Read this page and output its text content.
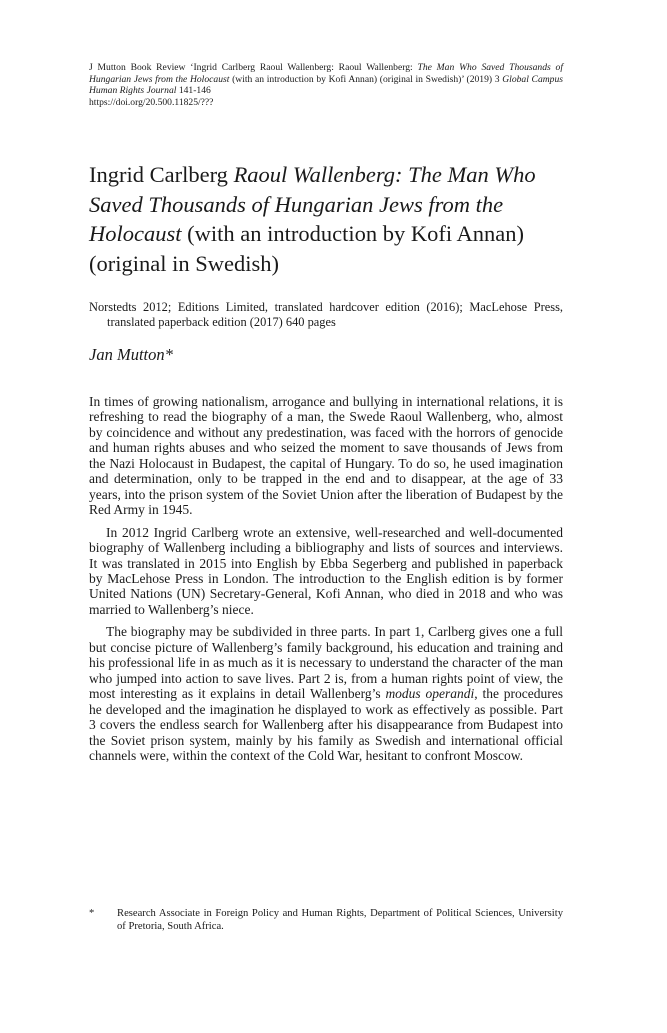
J Mutton Book Review ‘Ingrid Carlberg Raoul Wallenberg: Raoul Wallenberg: The Man Who Saved Thousands of Hungarian Jews from the Holocaust (with an introduction by Kofi Annan) (original in Swedish)’ (2019) 3 Global Campus Human Rights Journal 141-146
https://doi.org/20.500.11825/???
Ingrid Carlberg Raoul Wallenberg: The Man Who Saved Thousands of Hungarian Jews from the Holocaust (with an introduction by Kofi Annan) (original in Swedish)
Norstedts 2012; Editions Limited, translated hardcover edition (2016); MacLehose Press, translated paperback edition (2017) 640 pages
Jan Mutton*

In times of growing nationalism, arrogance and bullying in international relations, it is refreshing to read the biography of a man, the Swede Raoul Wallenberg, who, almost by coincidence and without any predestination, was faced with the horrors of genocide and human rights abuses and who seized the moment to save thousands of Jews from the Nazi Holocaust in Budapest, the capital of Hungary. To do so, he used imagination and determination, only to be trapped in the end and to disappear, at the age of 33 years, into the prison system of the Soviet Union after the liberation of Budapest by the Red Army in 1945.

In 2012 Ingrid Carlberg wrote an extensive, well-researched and well-documented biography of Wallenberg including a bibliography and lists of sources and interviews. It was translated in 2015 into English by Ebba Segerberg and published in paperback by MacLehose Press in London. The introduction to the English edition is by former United Nations (UN) Secretary-General, Kofi Annan, who died in 2018 and who was married to Wallenberg’s niece.

The biography may be subdivided in three parts. In part 1, Carlberg gives one a full but concise picture of Wallenberg’s family background, his education and training and his professional life in as much as it is necessary to understand the character of the man who jumped into action to save lives. Part 2 is, from a human rights point of view, the most interesting as it explains in detail Wallenberg’s modus operandi, the procedures he developed and the imagination he displayed to work as effectively as possible. Part 3 covers the endless search for Wallenberg after his disappearance from Budapest into the Soviet prison system, mainly by his family as Swedish and international official channels were, within the context of the Cold War, hesitant to confront Moscow.

* Research Associate in Foreign Policy and Human Rights, Department of Political Sciences, University of Pretoria, South Africa.
